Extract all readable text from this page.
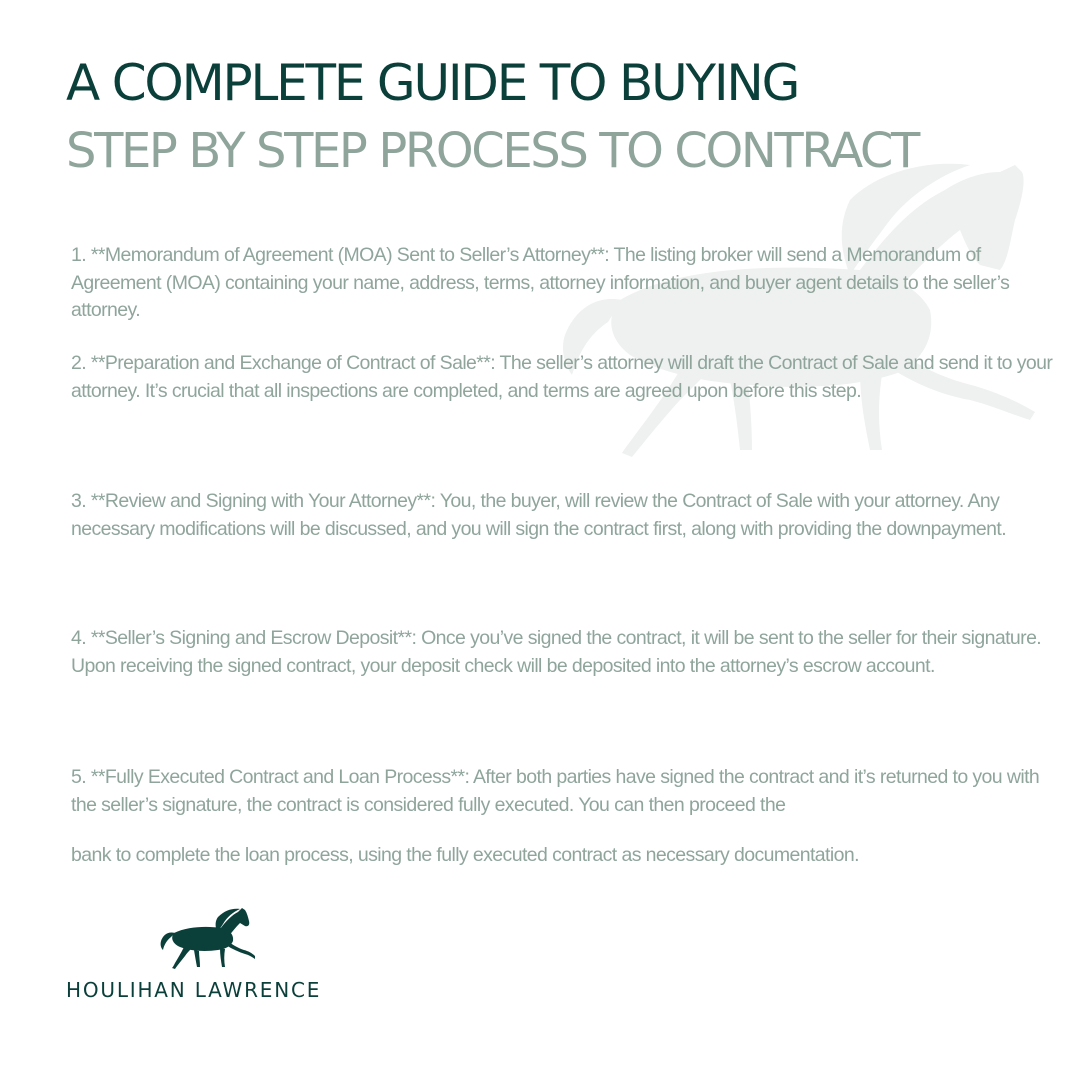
A COMPLETE GUIDE TO BUYING
STEP BY STEP PROCESS TO CONTRACT

1. **Memorandum of Agreement (MOA) Sent to Seller’s Attorney**: The listing broker will send a Memorandum of Agreement (MOA) containing your name, address, terms, attorney information, and buyer agent details to the seller’s attorney.

2. **Preparation and Exchange of Contract of Sale**: The seller’s attorney will draft the Contract of Sale and send it to your attorney. It’s crucial that all inspections are completed, and terms are agreed upon before this step.

3. **Review and Signing with Your Attorney**: You, the buyer, will review the Contract of Sale with your attorney. Any necessary modifications will be discussed, and you will sign the contract first, along with providing the downpayment.

4. **Seller’s Signing and Escrow Deposit**: Once you’ve signed the contract, it will be sent to the seller for their signature. Upon receiving the signed contract, your deposit check will be deposited into the attorney’s escrow account.

5. **Fully Executed Contract and Loan Process**: After both parties have signed the contract and it’s returned to you with the seller’s signature, the contract is considered fully executed. You can then proceed the
bank to complete the loan process, using the fully executed contract as necessary documentation.
HOULIHAN LAWRENCE
